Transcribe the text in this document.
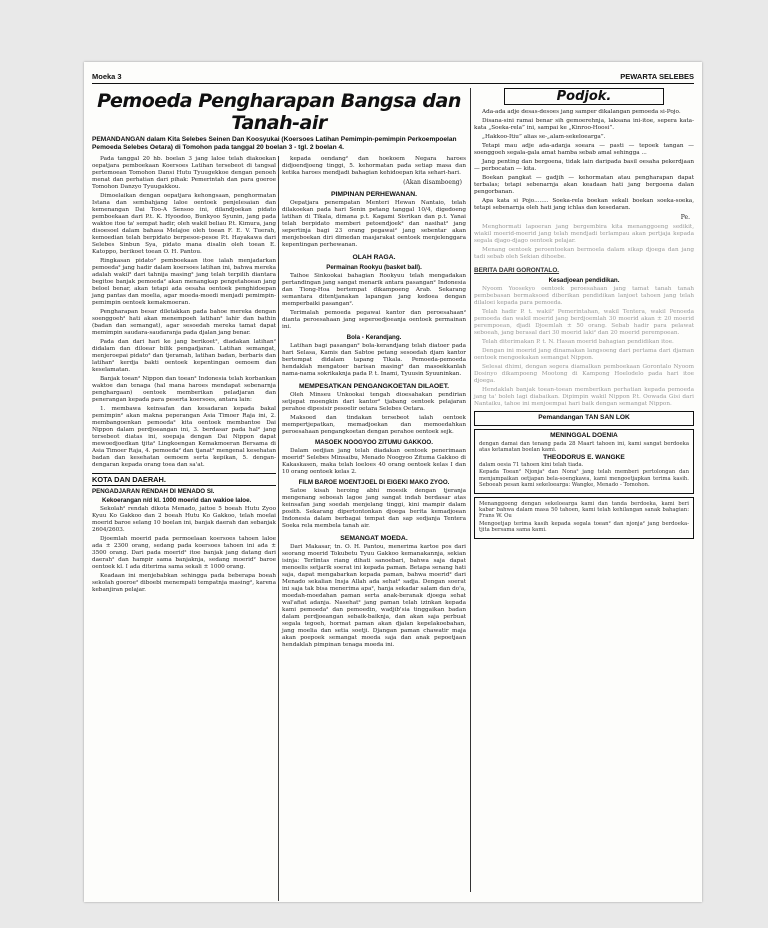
Moeka 3	PEWARTA SELEBES
Pemoeda Pengharapan Bangsa dan Tanah-air
PEMANDANGAN dalam Kita Selebes Seinen Dan Koosyukai (Koersoes Latihan Pemimpin-pemimpin Perkoempoelan Pemoeda Selebes Oetara) di Tomohon pada tanggal 20 boelan 3 - tgl. 2 boelan 4.

Pada tanggal 20 hb. boelan 3 jang laloe telah diakoekan oepatjara pemboekaan Koersoes Latihan tersebeot di tangsal pertemoean Tomohon Dansi Hutu Tyuugekkoe dengan penoeh menat dan perhatian dari pihak: Pemerintah dan para goeroe Tomohon Danzyo Tyuugakkou.

Dimoelaikan dengan oepatjara kehongsaan, penghormatan Istana dan sembahjang laloe oentoek penjelesaian dan kemenangan Dai Too-A Sensoo ini, dilandjoekan pidato pemboekaan dari P.t. K. Hyoodoo, Bunkyoo Syunin, jang pada waktoe itoe ta' sempat hadir, oleh wakil beliau P.t. Kimura, jang disoesoel dalam bahasa Melajoe oleh toean F. E. V. Tuerah, kemoedian telah berpidato berpesoe-pesoe P.t. Hayakawa dari Selebes Sinbun Sya, pidato mana disalin oleh toean E. Katoppo, berikoet toean O. H. Pantou.

Ringkasan pidato² pemboekaan itoe ialah menjadarkan pemoeda² jang hadir dalam koersoes latihan ini, bahwa mereka adalah wakil² dari tahnija masing² jang telah terpilih diantara begitoe banjak pemoeda² akan menangkap pengetahoean jang beloel benar, akan tetapi ada oesaha oentoek penghidoepan jang pantas dan moelia, agar moeda-moedi menjadi pemimpin-pemimpin oentoek kemakmoeran.

Pengharapan besar diletakkan pada bahoe mereka dengan soenggoeh² hati akan menempoeh latihan² lahir dan bathin (badan dan semangat), agar sesoedah mereka tamat dapat memimpin saudara-saudaranja pada djalan jang benar.

Pada dan dari hari ke jang berikoet², diadakan latihan² didalam dan diloear bilik pengadjaran. Latihan semangat, menjeroepai pidato² dan tjeramah, latihan badan, berbaris dan latihan² kerdja bakti oentoek kepentingan oemoem dan keselamatan.

Banjak toean² Nippon dan toean² Indonesia telah korbankan waktoe dan tenaga (hal mana haroes mendapat sebenarnja penghargaan) oentoek memberikan peladjaran dan penerangan kepada para peserta koersoes, antara lain:

1. membawa keinsafan dan kesadaran kepada bakal pemimpin² akan makna peperangan Asia Timoer Raja ini, 2. membangoenkan pemoeda² kita oentoek membantoe Dai Nippon dalam perdjoeangan ini, 3. berdasar pada hal² jang tersebeot diatas ini, soepaja dengan Dai Nippon dapat mewoedjoedkan tjita² Lingkoengan Kemakmoeran Bersama di Asia Timoer Raja, 4. pemoeda² dan tjanat² mengenal kesehatan badan dan kesehatan oemoem serta kepikan, 5. dengan-dengaran kepada orang toea dan sa'at.

KOTA DAN DAERAH.
PENGADJARAN RENDAH DI MENADO SI.
Kekoerangan n/d kl. 1000 moerid dan wakioe laloe.

Sekolah² rendah dikota Menado, jaitoe 5 boeah Hutu Zyoo Kyuu Ko Gakkoo dan 2 boeah Hutu Ko Gakkoo, telah moelai moerid baroe selang 10 boelan ini, banjak daerah dan sebanjak 2604/2603.

Djoemlah moerid pada permoelaan koersoes tahoen laloe ada ± 2300 orang, sedang pada koersoes tahoen ini ada ± 3500 orang. Dari pada moerid² itoe banjak jang datang dari daerah² dan hampir sama banjaknja, sedang moerid² baroe oentoek kl. I ada diterima sama sekali ± 1000 orang.

Keadaan ini menjebabkan sehingga pada beberapa boeah sekolah goeroe² diboebi menempati tempatnja masing², karena kebanjiran pelajar.

kepada oendang² dan hoekoem Negara haroes didjoendjoeng tinggi, 5. kehormatan pada setiap masa dan ketika haroes mendjadi bahagian kehidoepan kita sehari-hari.

(Akan disamboeng)
PIMPINAN PERHEWANAN.

Oepatjara penempatan Menteri Hewan Nantaio, telah dilakoekan pada hari Senin petang tanggal 10/4, digedoeng latihan di Tikala, dimana p.t. Kagami Sisrikan dan p.t. Yanai telah berpidato memberi petoendjoek² dan nasihat² jang sepertinja bagi 23 orang pegawai² jang sebentar akan menjeboekan diri dimedan masjarakat oentoek menjelenggara kepentingan perhewanan.

OLAH RAGA.
Permainan Rookyu (basket ball).

Taihoe Sinkookai bahagian Rookyuu telah mengadakan pertandingan jang sangat menarik antara pasangan² Indonesia dan Tiong-Hoa bertempat dikampoeng Arab. Sekarang semantara ditentjanakan lapangan jang kedoea dengan memperbaiki pasangan².

Terimalah pemoeda pegawai kantor dan peroesahaan² dianta peroesahaan jang seperoedjoeanja oentoek permainan ini.

Bola - Kerandjang.

Latihan bagi pasangan² bola-kerandjang telah diatoer pada hari Selasa, Kamis dan Sabtoe petang sesoedah djam kantor bertempat didalam tapang Tikala. Pemoeda-pemoeda hendaklah mengatoer barisan masing² dan masoekkanlah nama-nama sokrikaknja pada P. t. Inami, Tyuusin Syuuninkan.

MEMPESATKAN PENGANGKOETAN DILAOET.

Oleh Minseu Unkookai tengah dioesahakan pendirian setjepat moengkin dari kantor² tjabang oentoek pelajaran perahoe dipesisir pesoelir oetara Selebes Oetara.

Maksoed dan tindakan tersebeot ialah oentoek mempertjepatkan, memadjoekan dan memoedahkan peroesahaan pengangkoetan dengan perahoe oentoek sejk.

MASOEK NOOGYOO ZITUMU GAKKOO.

Dalam oedjian jang telah diadakan oentoek penerimaan moerid² Selebes Minsaibu, Menado Noogyoo Zituma Gakkoo di Kakaskasen, maka telah loeloes 40 orang oentoek kelas I dan 10 orang oentoek kelas 2.

FILM BAROE MOENTJOEL DI EIGEKI MAKO ZYOO.

Satoe kisah heroing abhi moesik dengan tjeranja mengenang seboeah lagoe jang sangat indah berdasar atas keinsafan jang soedah menjelang tinggi, kini mampir dalam posith. Sekarang dipertontonkan djoega berita kemadjoean Indonesia dalam berbagai tempat dan sap sedjanja Tentera Soeka rela membela tanah air.

SEMANGAT MOEDA.

Dari Makasar, tn. O. H. Pantou, menerima kartoe pos dari seorang moerid Tokubetu Tyuu Gakkoo kemanakannja, sekian isinja: Terlintas riang dihati sanoebari, bahwa saja dapat menoelis setjarik soerat ini kepada paman. Betapa senang hati saja, dapat mengabarkan kepada paman, bahwa moerid² dari Menado sekalian Insja Allah ada sehat² sadja. Dengan soerat ini saja tak bisa menerima apa², hanja sekadar salam dan do'a, moedah-moedahan paman serta anak-beranak djoega sehat wal'afiat adanja. Nasehat² jang paman telah izinkan kepada kami pemoeda² dan pemoedin, wadjib'sia tinggaikan badan dalam perdjoeangan sebaik-baiknja, dan akan saja perbuat segala tegoeh, hormat paman akan djalan kepelakoebahan, jang moelia dan setia soetji. Djangan paman chawatir maja akan poepoek semangat moeda saja dan anak pepoetjaan hendaklah pimpinan tenaga moeda ini.

Podjok.

Ada-ada adje desas-desoes jang samper dikalangan pemoeda si-Pojo.

Disana-sini ramai benar sih gemoerehnja, laksana ini-itoe, sepera kata-kata „Soeka-rela” ini, sampai ke „Kinroo-Hoosi”.

„Hakkoo-Itiu” alias se-„alam-sekeloearga”.

Tetapi mau adje ada-adanja soeara — pasti — tepoek tangan — soenggoeh segala-gala amat hamba sebab amal sehingga ...

Jang penting dan bergoena, tidak lain daripada basil oesaha pekerdjaan — perbocatan — kita.

Boekan pangkat — gadjih — kehormatan atau pengharapan dapat terbalas; tetapi sebenarnja akan keadaan hati jang bergoena dalan pengorbanan.

Apa kata si Pojo........ Soeka-rela boekan sekali boekan soeka-soeka, tetapi sebenarnja oleh hati jang ichlas dan kesedaran.

Pe.

Menghormati lapoeran jang bergembira kita menanggoeng sedikit, wiakil moerid-moerid jang telah mendjadi terlampau akan pertjaja kepada segala djago-djago oentoek pelajar.

Menang oentoek peroentoekan bermoela dalam sikap djoega dan jang tadi sebab oleh Sekian dihoebe.

BERITA DARI GORONTALO.
Kesadjoean pendidikan.

Nyoom Yoosekyo oentoek peroesahaan jang tamat tanah tanah pembebasan bermaksoed diberikan pendidikan lanjoet tahoen jang telah dilaloei kepada para pemoeda.

Telah hadir P. t. wakil² Pemerintahan, wakil Tentera, wakil Penoeda pemoeda dan wakil moerid jang berdjoemlah 30 moerid akan ± 20 moerid perempoean, djadi Djoemlah ± 50 orang. Sebab hadir para pelawat seboeah, jang berasal dari 30 moerid laki² dan 20 moerid perempoean.

Telah diterimakan P. t. N. Hasan moerid bahagian pendidikan itoe.

Dengan ini moerid jang dinamakan langsoeng dari pertama dari djaman oentoek mengoekakan semangat Nippon.

Selesai dhimi, dengan segera diamalkan pemboekaan Gorontalo Nyoom Dosinyo dikampoeng Mootong di Kampong Hoelodelo pada hari itoe djoega.

Hendaklah banjak toean-toean memberikan perhatian kepada pemoeda jang ta' boleh lagi diabaikan. Dipimpin wakil Nippon P.t. Oowada Gisi dari Nantaiku, tahoe ini menjoempai hari baik dengan semangat Nippon.

Pemandangan TAN SAN LOK

MENINGGAL DOENIA

dengan damai dan tenang pada 28 Maart tahoen ini, kami sangat berdoeka atas ketamatan boelan kami.

THEODORUS E. WANGKE

dalam oesia 71 tahoen kini telah tiada.

Kepada Toean² Njonja² dan Nona² jang telah memberi pertolongan dan menjampaikan oetjapan bela-soengkawa, kami mengoetjapkan terima kasih. Seboeah pesan kami sekeloearga: Wangke, Menado - Tomohon.

Menanggoeng dengan sekeloearga kami dan tanda berdoeka, kami beri kabar bahwa dalam masa 50 tahoen, kami telah kehilangan sanak bahagian: Frans W. Ou

Mengoetjap terima kasih kepada segala toean² dan njonja² jang berdoeka-tjita bersama sama kami.
